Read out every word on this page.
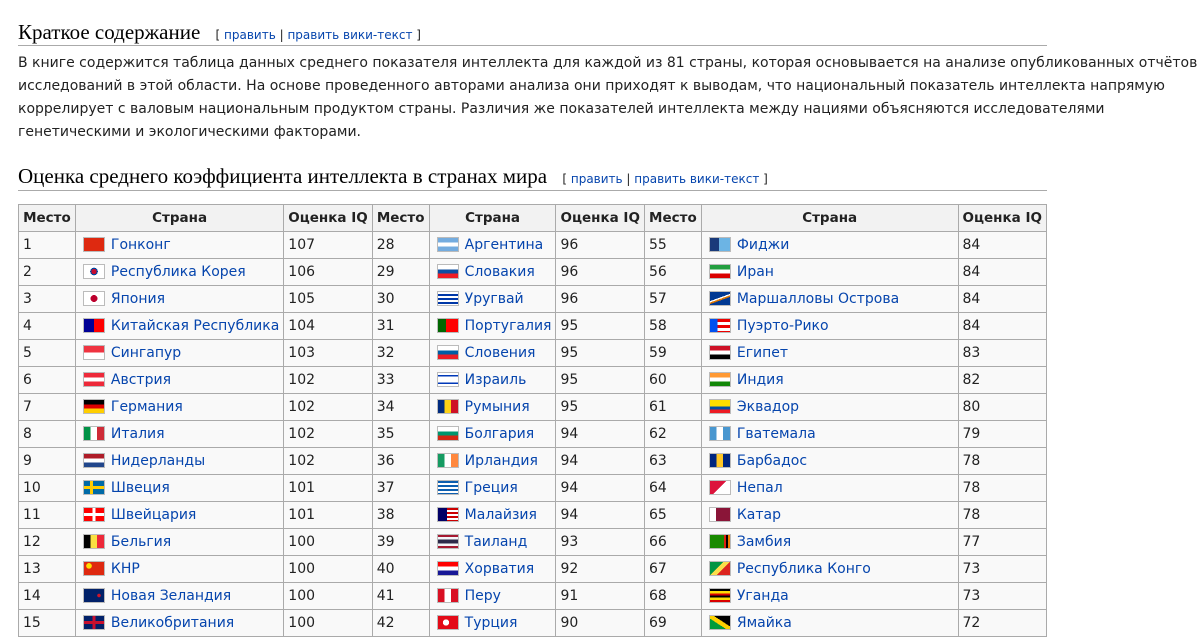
Краткое содержание [ править | править вики-текст ]
В книге содержится таблица данных среднего показателя интеллекта для каждой из 81 страны, которая основывается на анализе опубликованных отчётов
исследований в этой области. На основе проведенного авторами анализа они приходят к выводам, что национальный показатель интеллекта напрямую
коррелирует с валовым национальным продуктом страны. Различия же показателей интеллекта между нациями объясняются исследователями
генетическими и экологическими факторами.
Оценка среднего коэффициента интеллекта в странах мира [ править | править вики-текст ]
Место	Страна	Оценка IQ	Место	Страна	Оценка IQ	Место	Страна	Оценка IQ
1	Гонконг	107	28	Аргентина	96	55	Фиджи	84
2	Республика Корея	106	29	Словакия	96	56	Иран	84
3	Япония	105	30	Уругвай	96	57	Маршалловы Острова	84
4	Китайская Республика	104	31	Португалия	95	58	Пуэрто-Рико	84
5	Сингапур	103	32	Словения	95	59	Египет	83
6	Австрия	102	33	Израиль	95	60	Индия	82
7	Германия	102	34	Румыния	95	61	Эквадор	80
8	Италия	102	35	Болгария	94	62	Гватемала	79
9	Нидерланды	102	36	Ирландия	94	63	Барбадос	78
10	Швеция	101	37	Греция	94	64	Непал	78
11	Швейцария	101	38	Малайзия	94	65	Катар	78
12	Бельгия	100	39	Таиланд	93	66	Замбия	77
13	КНР	100	40	Хорватия	92	67	Республика Конго	73
14	Новая Зеландия	100	41	Перу	91	68	Уганда	73
15	Великобритания	100	42	Турция	90	69	Ямайка	72
